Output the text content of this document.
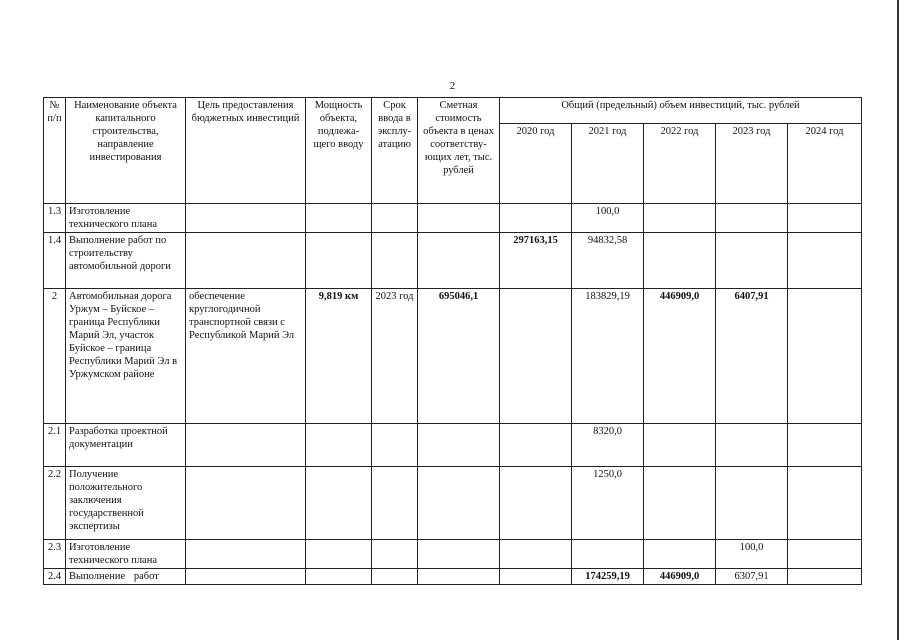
2
№ п/п	Наименование объекта капитального строительства, направление инвестирования	Цель предоставления бюджетных инвестиций	Мощность объекта, подлежа-щего вводу	Срок ввода в эксплу-атацию	Сметная стоимость объекта в ценах соответству-ющих лет, тыс. рублей	Общий (предельный) объем инвестиций, тыс. рублей				
						2020 год	2021 год	2022 год	2023 год	2024 год
1.3	Изготовление технического плана						100,0			
1.4	Выполнение работ по строительству автомобильной дороги					297163,15	94832,58			
2	Автомобильная дорога Уржум – Буйское – граница Республики Марий Эл, участок Буйское – граница Республики Марий Эл в Уржумском районе	обеспечение круглогодичной транспортной связи с Республикой Марий Эл	9,819 км	2023 год	695046,1		183829,19	446909,0	6407,91	
2.1	Разработка проектной документации						8320,0			
2.2	Получение положительного заключения государственной экспертизы						1250,0			
2.3	Изготовление технического плана								100,0	
2.4	Выполнение работ						174259,19	446909,0	6307,91	
